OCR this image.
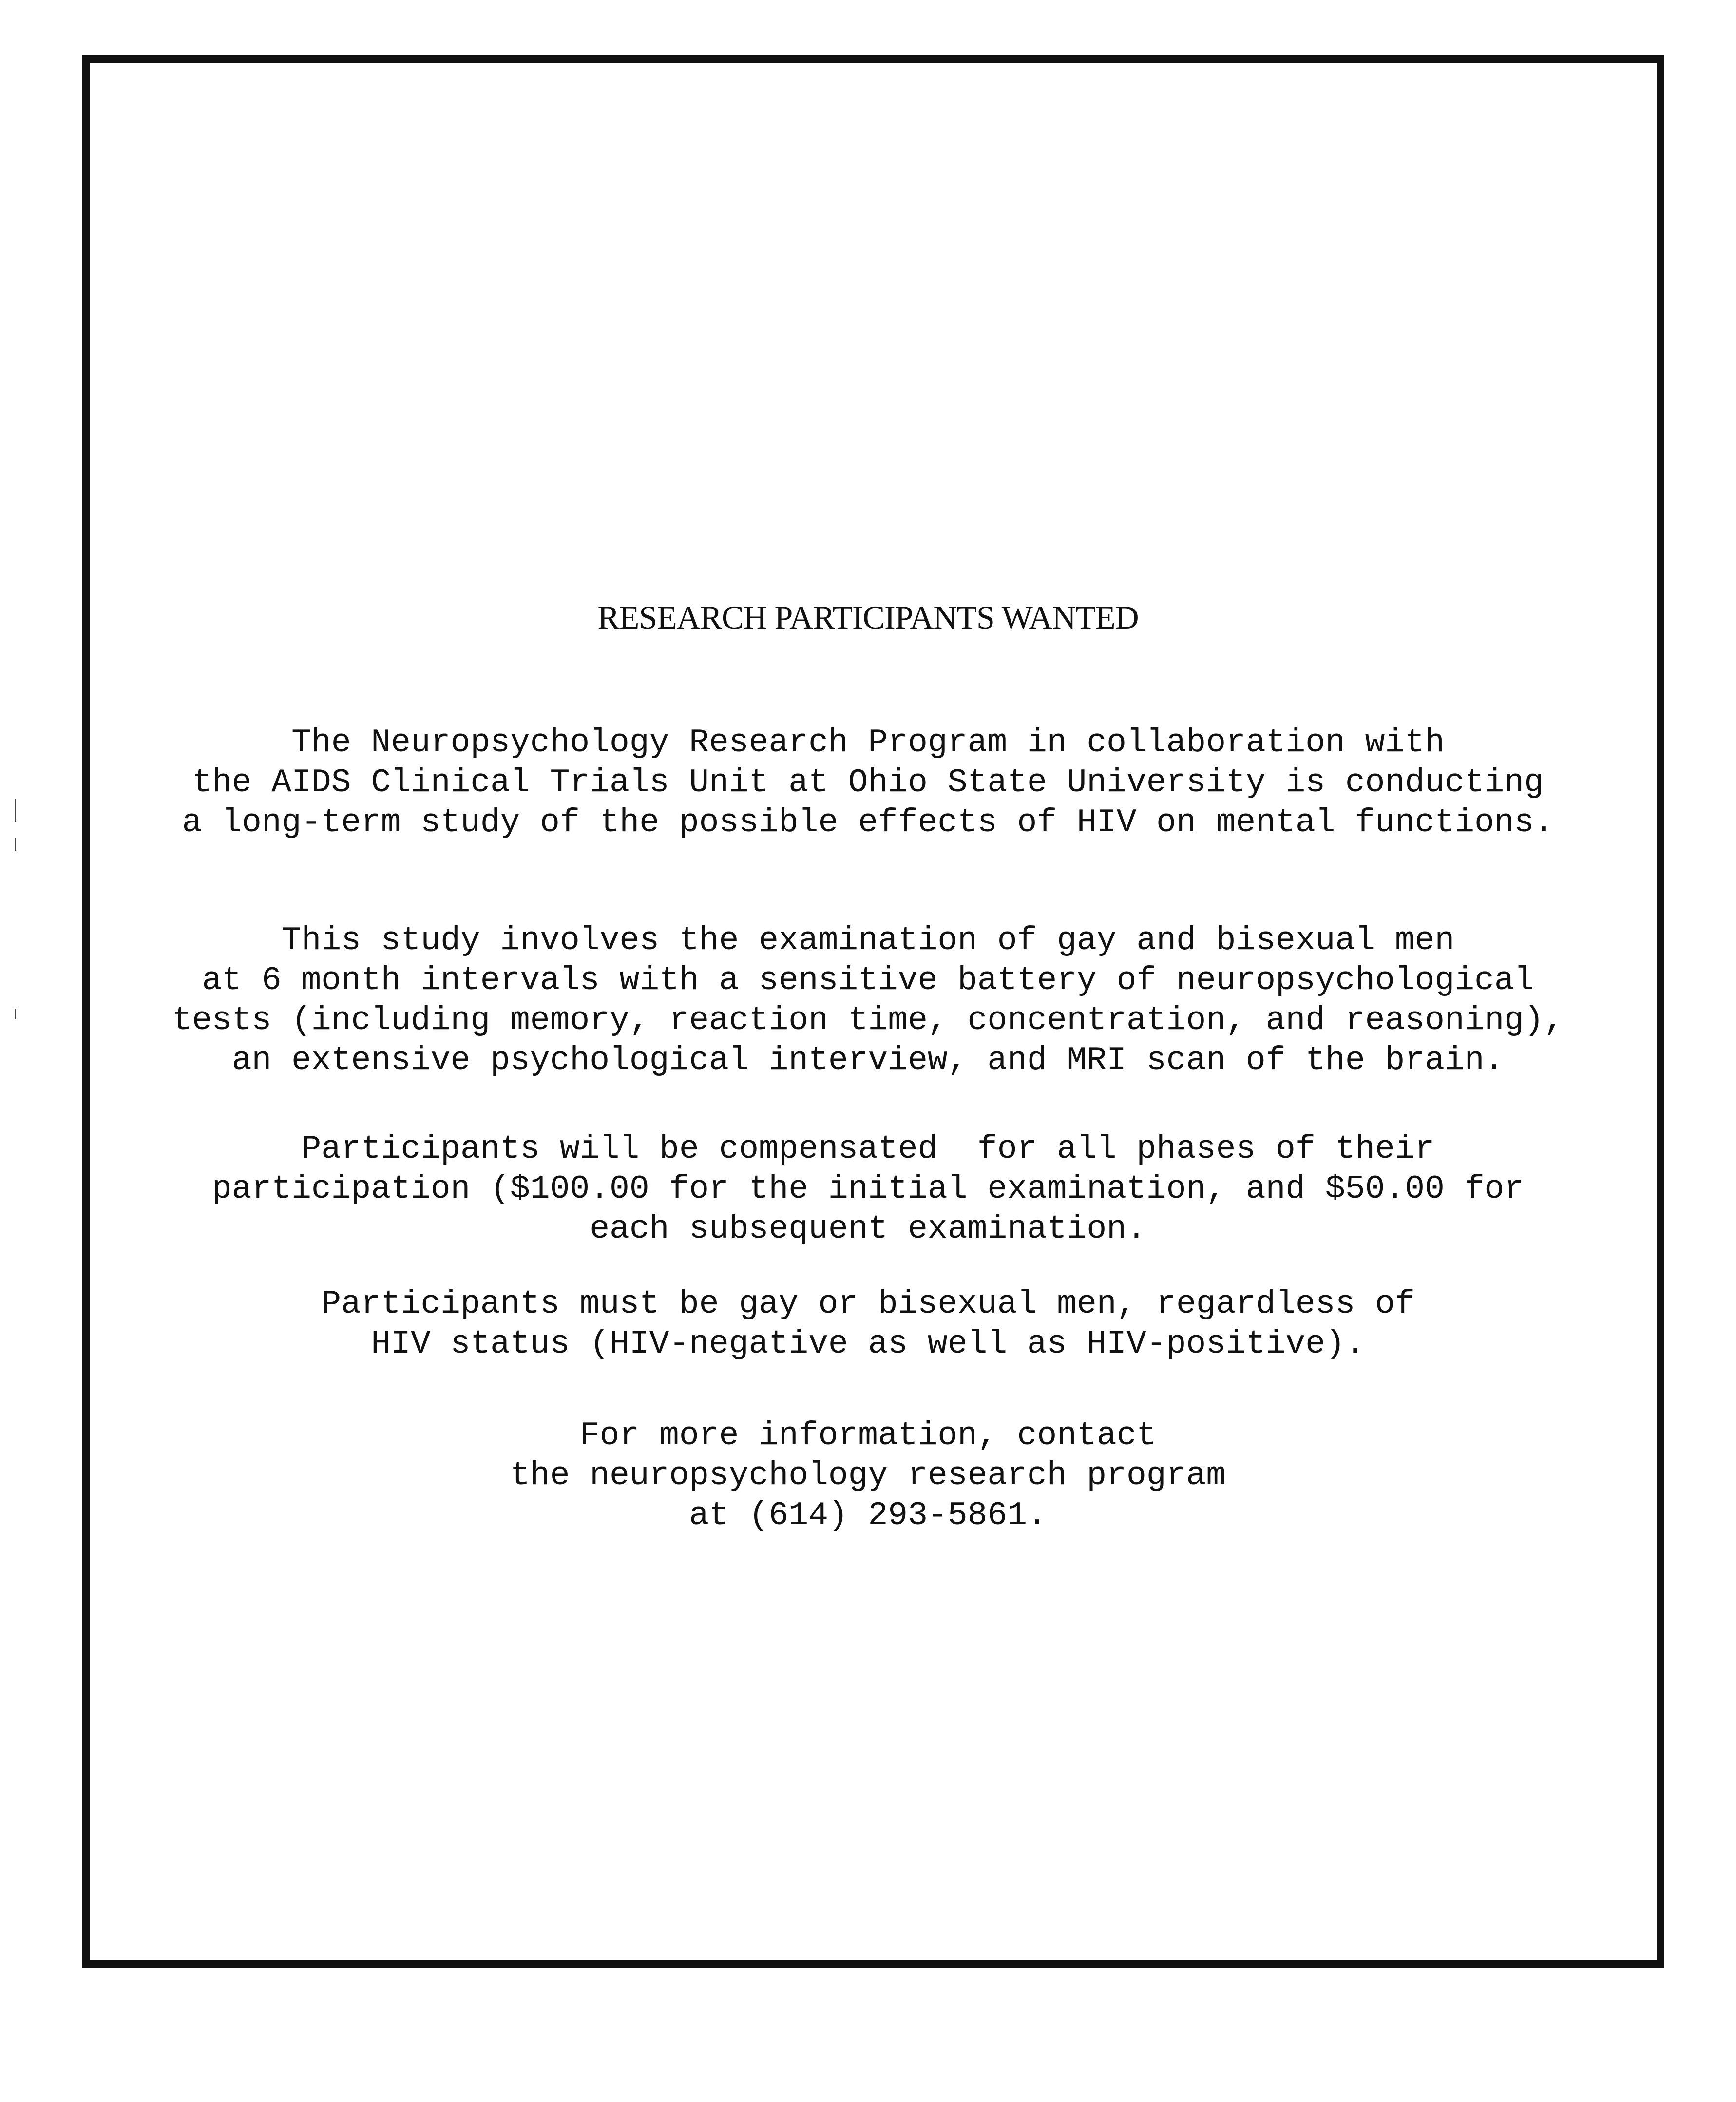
RESEARCH PARTICIPANTS WANTED
The Neuropsychology Research Program in collaboration with
the AIDS Clinical Trials Unit at Ohio State University is conducting
a long-term study of the possible effects of HIV on mental functions.
This study involves the examination of gay and bisexual men
at 6 month intervals with a sensitive battery of neuropsychological
tests (including memory, reaction time, concentration, and reasoning),
an extensive psychological interview, and MRI scan of the brain.
Participants will be compensated  for all phases of their
participation ($100.00 for the initial examination, and $50.00 for
each subsequent examination.
Participants must be gay or bisexual men, regardless of
HIV status (HIV-negative as well as HIV-positive).
For more information, contact
the neuropsychology research program
at (614) 293-5861.
